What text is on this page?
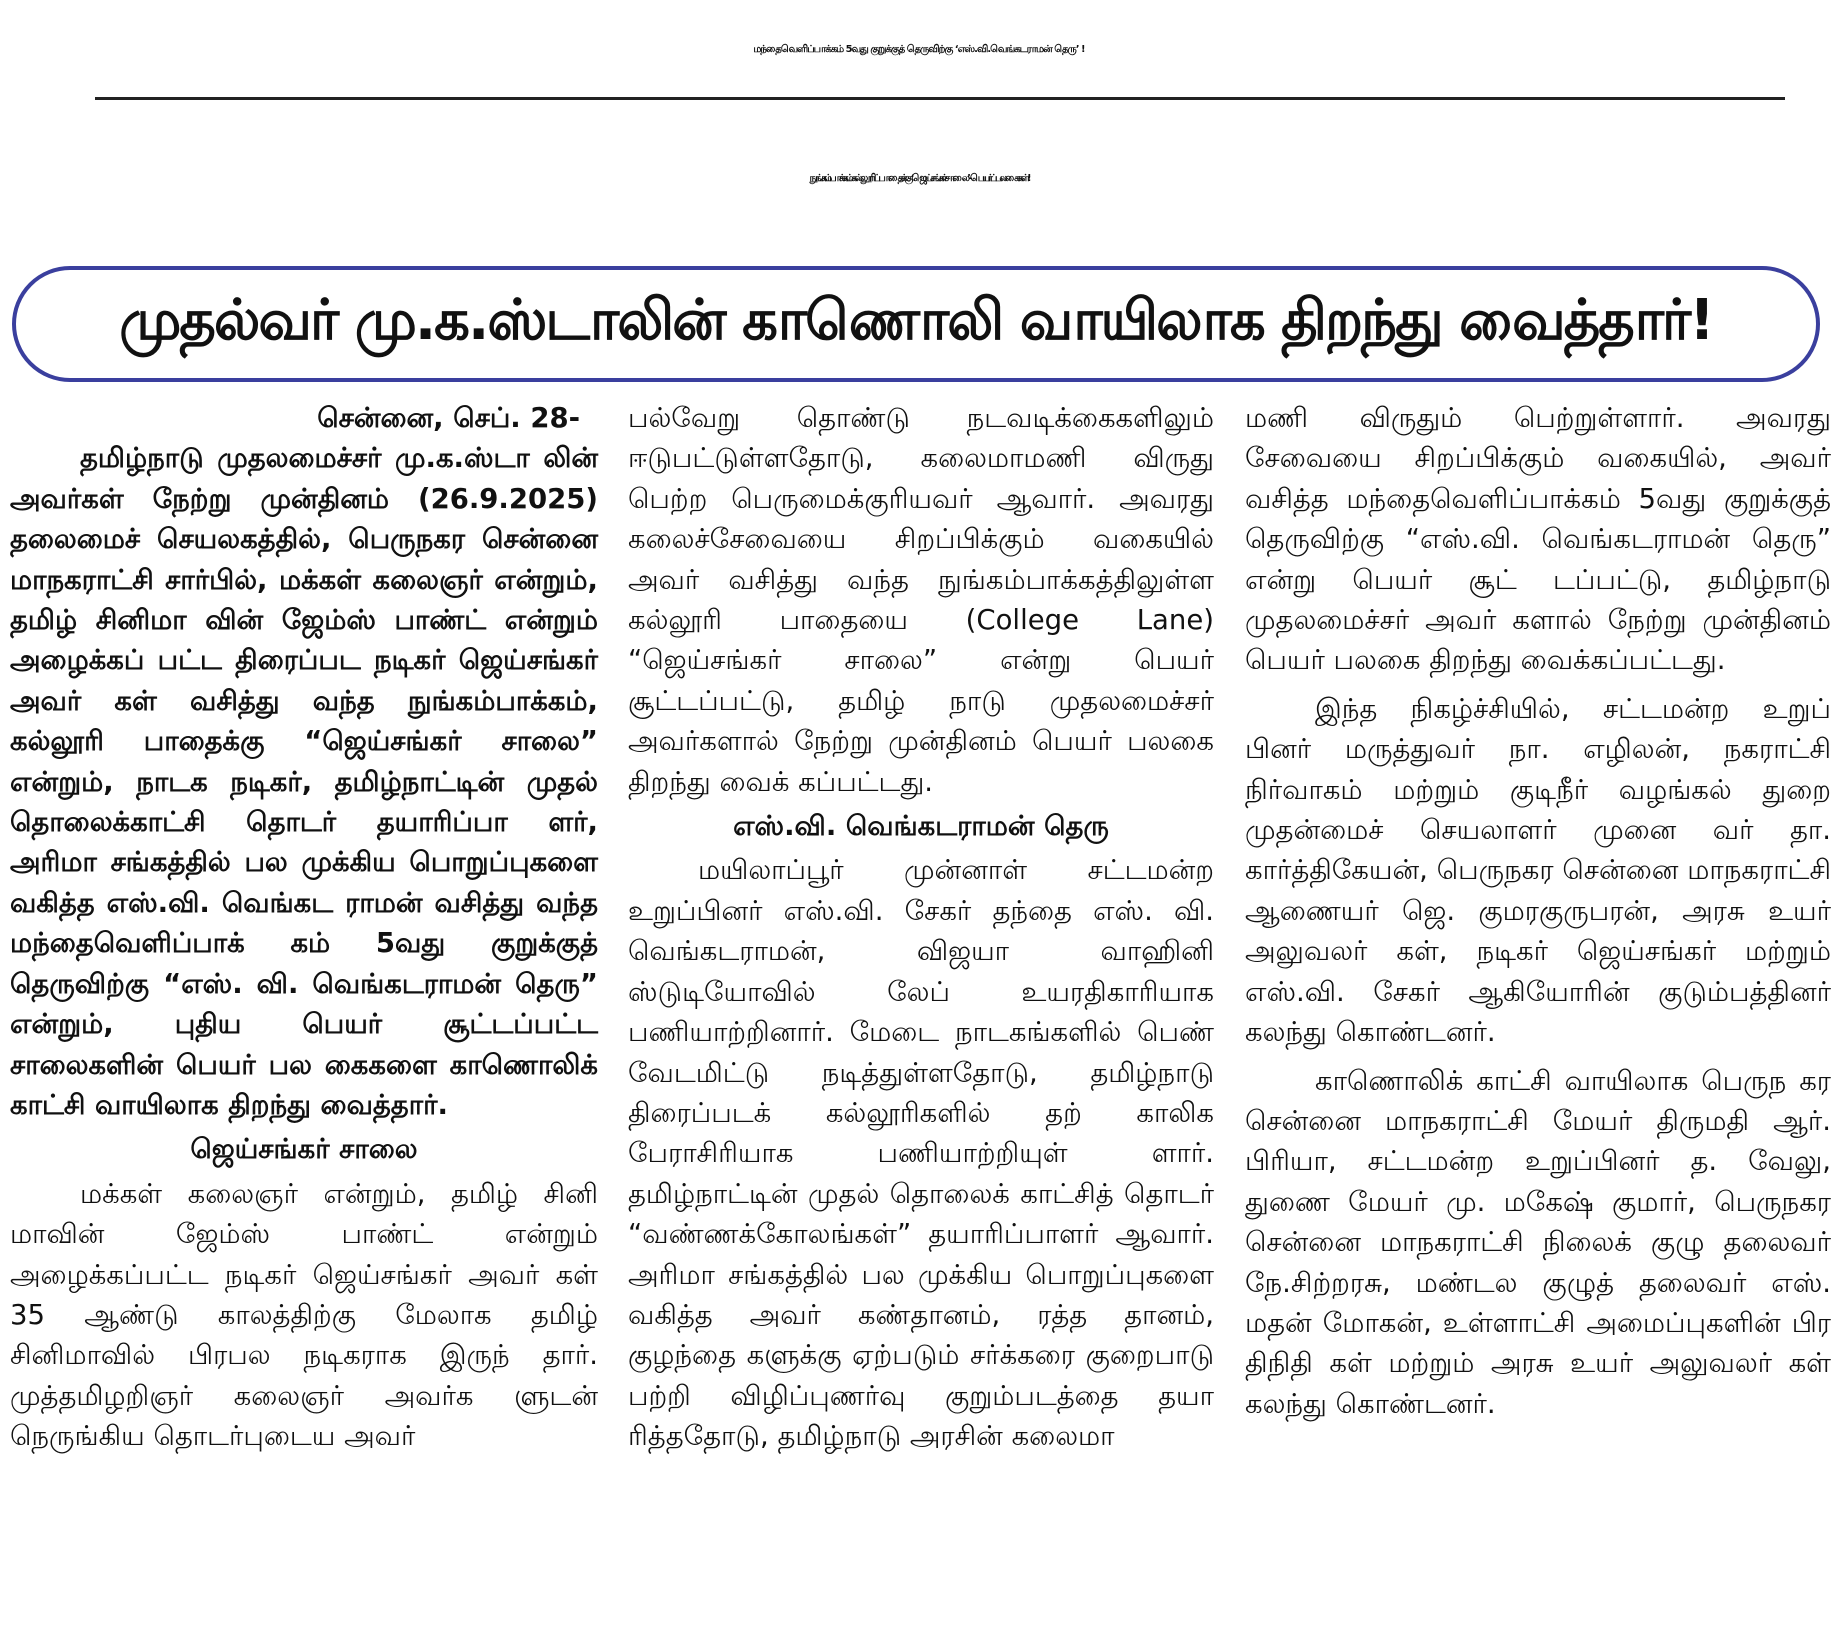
மந்தைவெளிப்பாக்கம் 5வது குறுக்குத் தெருவிற்கு ‘எஸ்.வி.வெங்கடராமன் தெரு’ !
நுங்கம்பாக்கம் கல்லூரிப் பாதைக்கு ‘ஜெய்சங்கர் சாலை’ - பெயர்ப் பலகைகள்!
முதல்வர் மு.க.ஸ்டாலின் காணொலி வாயிலாக திறந்து வைத்தார்!

சென்னை, செப். 28-

தமிழ்நாடு முதலமைச்சர் மு.க.ஸ்டா லின் அவர்கள் நேற்று முன்தினம் (26.9.2025) தலைமைச் செயலகத்தில், பெருநகர சென்னை மாநகராட்சி சார்பில், மக்கள் கலைஞர் என்றும், தமிழ் சினிமா வின் ஜேம்ஸ் பாண்ட் என்றும் அழைக்கப் பட்ட திரைப்பட நடிகர் ஜெய்சங்கர் அவர் கள் வசித்து வந்த நுங்கம்பாக்கம், கல்லூரி பாதைக்கு “ஜெய்சங்கர் சாலை” என்றும், நாடக நடிகர், தமிழ்நாட்டின் முதல் தொலைக்காட்சி தொடர் தயாரிப்பா ளர், அரிமா சங்கத்தில் பல முக்கிய பொறுப்புகளை வகித்த எஸ்.வி. வெங்கட ராமன் வசித்து வந்த மந்தைவெளிப்பாக் கம் 5வது குறுக்குத் தெருவிற்கு “எஸ். வி. வெங்கடராமன் தெரு” என்றும், புதிய பெயர் சூட்டப்பட்ட சாலைகளின் பெயர் பல கைகளை காணொலிக் காட்சி வாயிலாக திறந்து வைத்தார்.

ஜெய்சங்கர் சாலை

மக்கள் கலைஞர் என்றும், தமிழ் சினி மாவின் ஜேம்ஸ் பாண்ட் என்றும் அழைக்கப்பட்ட நடிகர் ஜெய்சங்கர் அவர் கள் 35 ஆண்டு காலத்திற்கு மேலாக தமிழ் சினிமாவில் பிரபல நடிகராக இருந் தார். முத்தமிழறிஞர் கலைஞர் அவர்க ளுடன் நெருங்கிய தொடர்புடைய அவர்

பல்வேறு தொண்டு நடவடிக்கைகளிலும் ஈடுபட்டுள்ளதோடு, கலைமாமணி விருது பெற்ற பெருமைக்குரியவர் ஆவார். அவரது கலைச்சேவையை சிறப்பிக்கும் வகையில் அவர் வசித்து வந்த நுங்கம்பாக்கத்திலுள்ள கல்லூரி பாதையை (College Lane) “ஜெய்சங்கர் சாலை” என்று பெயர் சூட்டப்பட்டு, தமிழ் நாடு முதலமைச்சர் அவர்களால் நேற்று முன்தினம் பெயர் பலகை திறந்து வைக் கப்பட்டது.

எஸ்.வி. வெங்கடராமன் தெரு

மயிலாப்பூர் முன்னாள் சட்டமன்ற உறுப்பினர் எஸ்.வி. சேகர் தந்தை எஸ். வி. வெங்கடராமன், விஜயா வாஹினி ஸ்டுடியோவில் லேப் உயரதிகாரியாக பணியாற்றினார். மேடை நாடகங்களில் பெண் வேடமிட்டு நடித்துள்ளதோடு, தமிழ்நாடு திரைப்படக் கல்லூரிகளில் தற் காலிக பேராசிரியாக பணியாற்றியுள் ளார். தமிழ்நாட்டின் முதல் தொலைக் காட்சித் தொடர் “வண்ணக்கோலங்கள்” தயாரிப்பாளர் ஆவார். அரிமா சங்கத்தில் பல முக்கிய பொறுப்புகளை வகித்த அவர் கண்தானம், ரத்த தானம், குழந்தை களுக்கு ஏற்படும் சர்க்கரை குறைபாடு பற்றி விழிப்புணர்வு குறும்படத்தை தயா ரித்ததோடு, தமிழ்நாடு அரசின் கலைமா

மணி விருதும் பெற்றுள்ளார். அவரது சேவையை சிறப்பிக்கும் வகையில், அவர் வசித்த மந்தைவெளிப்பாக்கம் 5வது குறுக்குத் தெருவிற்கு “எஸ்.வி. வெங்கடராமன் தெரு” என்று பெயர் சூட் டப்பட்டு, தமிழ்நாடு முதலமைச்சர் அவர் களால் நேற்று முன்தினம் பெயர் பலகை திறந்து வைக்கப்பட்டது.

இந்த நிகழ்ச்சியில், சட்டமன்ற உறுப் பினர் மருத்துவர் நா. எழிலன், நகராட்சி நிர்வாகம் மற்றும் குடிநீர் வழங்கல் துறை முதன்மைச் செயலாளர் முனை வர் தா. கார்த்திகேயன், பெருநகர சென்னை மாநகராட்சி ஆணையர் ஜெ. குமரகுருபரன், அரசு உயர் அலுவலர் கள், நடிகர் ஜெய்சங்கர் மற்றும் எஸ்.வி. சேகர் ஆகியோரின் குடும்பத்தினர் கலந்து கொண்டனர்.

காணொலிக் காட்சி வாயிலாக பெருந கர சென்னை மாநகராட்சி மேயர் திருமதி ஆர். பிரியா, சட்டமன்ற உறுப்பினர் த. வேலு, துணை மேயர் மு. மகேஷ் குமார், பெருநகர சென்னை மாநகராட்சி நிலைக் குழு தலைவர் நே.சிற்றரசு, மண்டல குழுத் தலைவர் எஸ். மதன் மோகன், உள்ளாட்சி அமைப்புகளின் பிர திநிதி கள் மற்றும் அரசு உயர் அலுவலர் கள் கலந்து கொண்டனர்.
